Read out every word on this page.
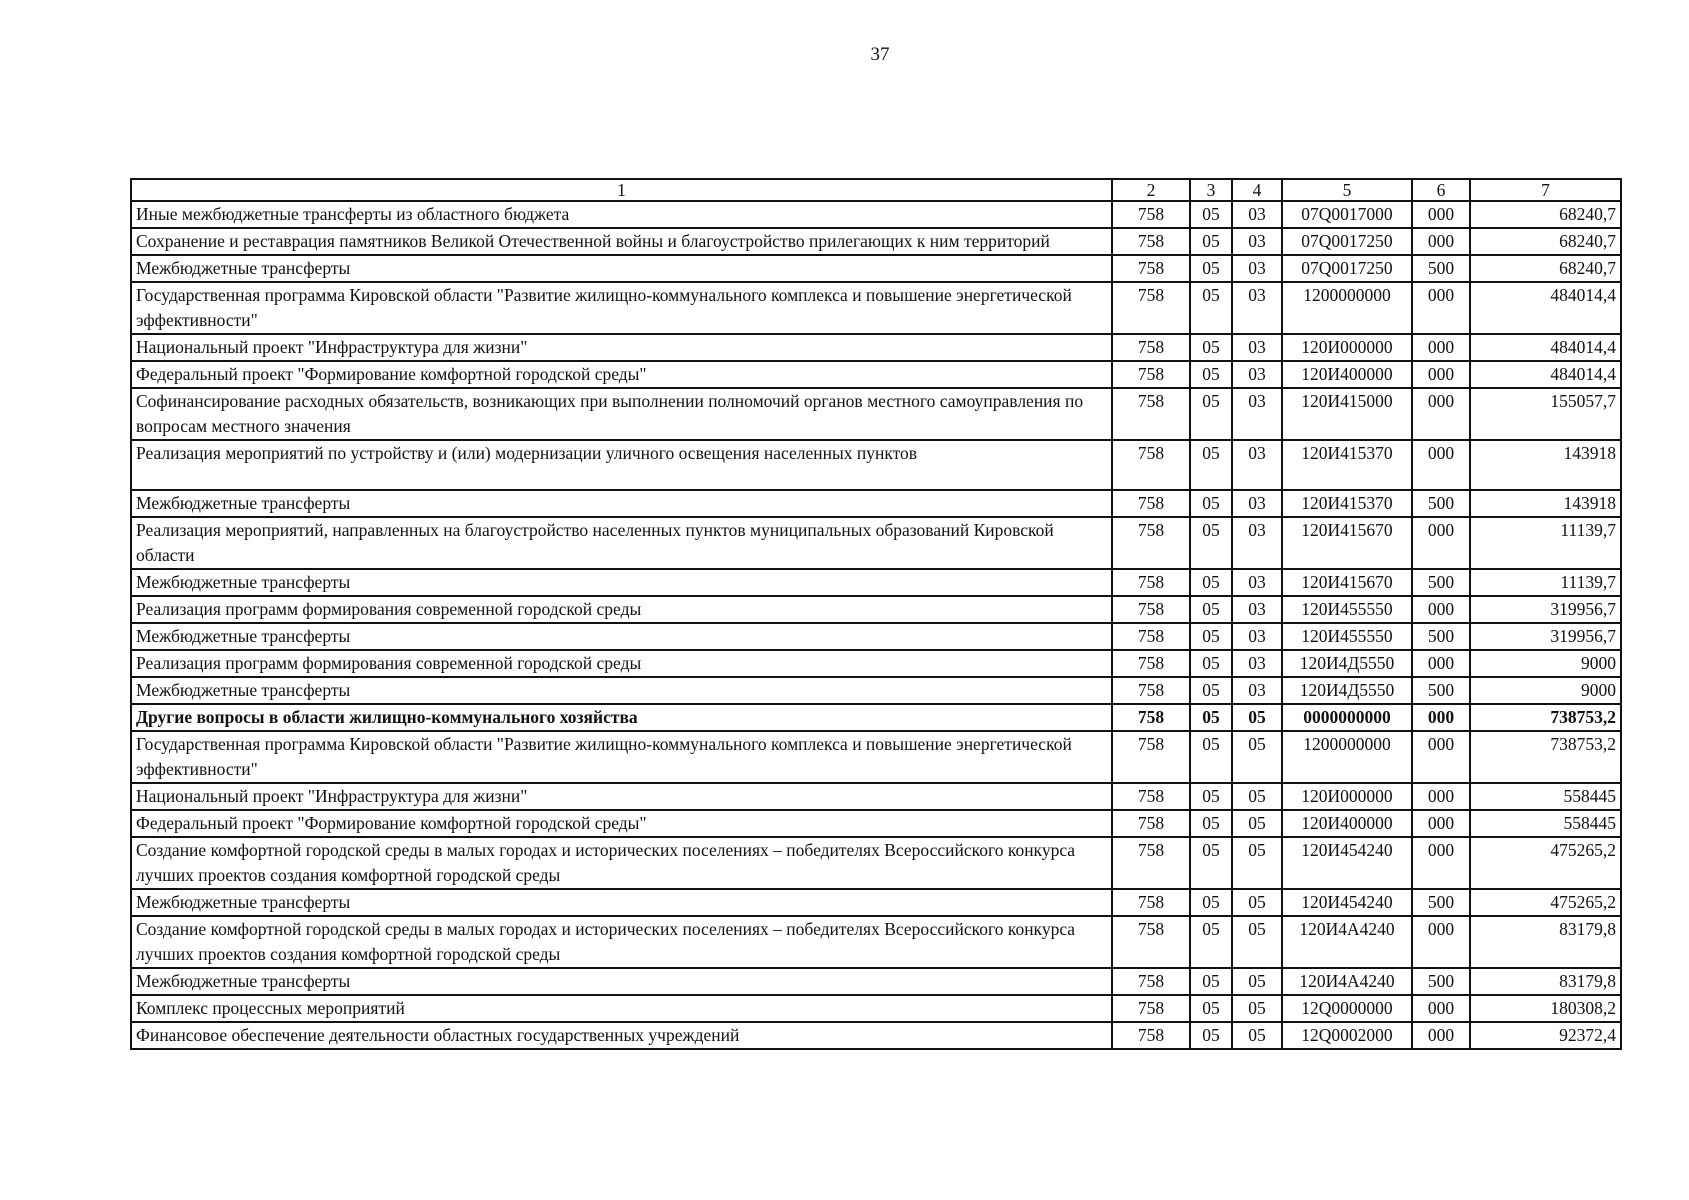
37
1	2	3	4	5	6	7
Иные межбюджетные трансферты из областного бюджета	758	05	03	07Q0017000	000	68240,7
Сохранение и реставрация памятников Великой Отечественной войны и благоустройство прилегающих к ним территорий	758	05	03	07Q0017250	000	68240,7
Межбюджетные трансферты	758	05	03	07Q0017250	500	68240,7
Государственная программа Кировской области "Развитие жилищно-коммунального комплекса и повышение энергетической эффективности"	758	05	03	1200000000	000	484014,4
Национальный проект "Инфраструктура для жизни"	758	05	03	120И000000	000	484014,4
Федеральный проект "Формирование комфортной городской среды"	758	05	03	120И400000	000	484014,4
Софинансирование расходных обязательств, возникающих при выполнении полномочий органов местного самоуправления по вопросам местного значения	758	05	03	120И415000	000	155057,7
Реализация мероприятий по устройству и (или) модернизации уличного освещения населенных пунктов	758	05	03	120И415370	000	143918
Межбюджетные трансферты	758	05	03	120И415370	500	143918
Реализация мероприятий, направленных на благоустройство населенных пунктов муниципальных образований Кировской области	758	05	03	120И415670	000	11139,7
Межбюджетные трансферты	758	05	03	120И415670	500	11139,7
Реализация программ формирования современной городской среды	758	05	03	120И455550	000	319956,7
Межбюджетные трансферты	758	05	03	120И455550	500	319956,7
Реализация программ формирования современной городской среды	758	05	03	120И4Д5550	000	9000
Межбюджетные трансферты	758	05	03	120И4Д5550	500	9000
Другие вопросы в области жилищно-коммунального хозяйства	758	05	05	0000000000	000	738753,2
Государственная программа Кировской области "Развитие жилищно-коммунального комплекса и повышение энергетической эффективности"	758	05	05	1200000000	000	738753,2
Национальный проект "Инфраструктура для жизни"	758	05	05	120И000000	000	558445
Федеральный проект "Формирование комфортной городской среды"	758	05	05	120И400000	000	558445
Создание комфортной городской среды в малых городах и исторических поселениях – победителях Всероссийского конкурса лучших проектов создания комфортной городской среды	758	05	05	120И454240	000	475265,2
Межбюджетные трансферты	758	05	05	120И454240	500	475265,2
Создание комфортной городской среды в малых городах и исторических поселениях – победителях Всероссийского конкурса лучших проектов создания комфортной городской среды	758	05	05	120И4А4240	000	83179,8
Межбюджетные трансферты	758	05	05	120И4А4240	500	83179,8
Комплекс процессных мероприятий	758	05	05	12Q0000000	000	180308,2
Финансовое обеспечение деятельности областных государственных учреждений	758	05	05	12Q0002000	000	92372,4
